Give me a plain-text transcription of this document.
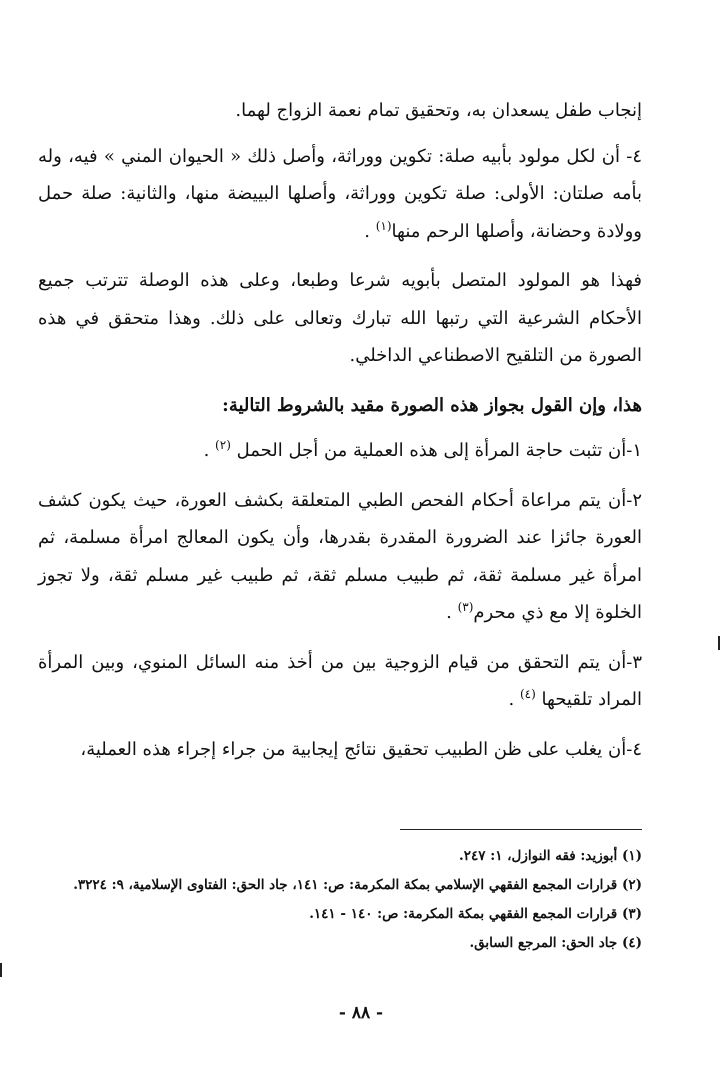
إنجاب طفل يسعدان به، وتحقيق تمام نعمة الزواج لهما.

٤- أن لكل مولود بأبيه صلة: تكوين ووراثة، وأصل ذلك « الحيوان المني » فيه، وله بأمه صلتان: الأولى: صلة تكوين ووراثة، وأصلها البييضة منها، والثانية: صلة حمل وولادة وحضانة، وأصلها الرحم منها$^{(١)}$ .

فهذا هو المولود المتصل بأبويه شرعا وطبعا، وعلى هذه الوصلة تترتب جميع الأحكام الشرعية التي رتبها الله تبارك وتعالى على ذلك. وهذا متحقق في هذه الصورة من التلقيح الاصطناعي الداخلي.

هذا، وإن القول بجواز هذه الصورة مقيد بالشروط التالية:

١-أن تثبت حاجة المرأة إلى هذه العملية من أجل الحمل $^{(٢)}$ .

٢-أن يتم مراعاة أحكام الفحص الطبي المتعلقة بكشف العورة، حيث يكون كشف العورة جائزا عند الضرورة المقدرة بقدرها، وأن يكون المعالج امرأة مسلمة، ثم امرأة غير مسلمة ثقة، ثم طبيب مسلم ثقة، ثم طبيب غير مسلم ثقة، ولا تجوز الخلوة إلا مع ذي محرم$^{(٣)}$ .

٣-أن يتم التحقق من قيام الزوجية بين من أخذ منه السائل المنوي، وبين المرأة المراد تلقيحها $^{(٤)}$ .

٤-أن يغلب على ظن الطبيب تحقيق نتائج إيجابية من جراء إجراء هذه العملية،

(١) أبوزيد: فقه النوازل، ١: ٢٤٧.
(٢) قرارات المجمع الفقهي الإسلامي بمكة المكرمة: ص: ١٤١، جاد الحق: الفتاوى الإسلامية، ٩: ٣٢٢٤.
(٣) قرارات المجمع الفقهي بمكة المكرمة: ص: ١٤٠ - ١٤١.
(٤) جاد الحق: المرجع السابق.
- ٨٨ -
